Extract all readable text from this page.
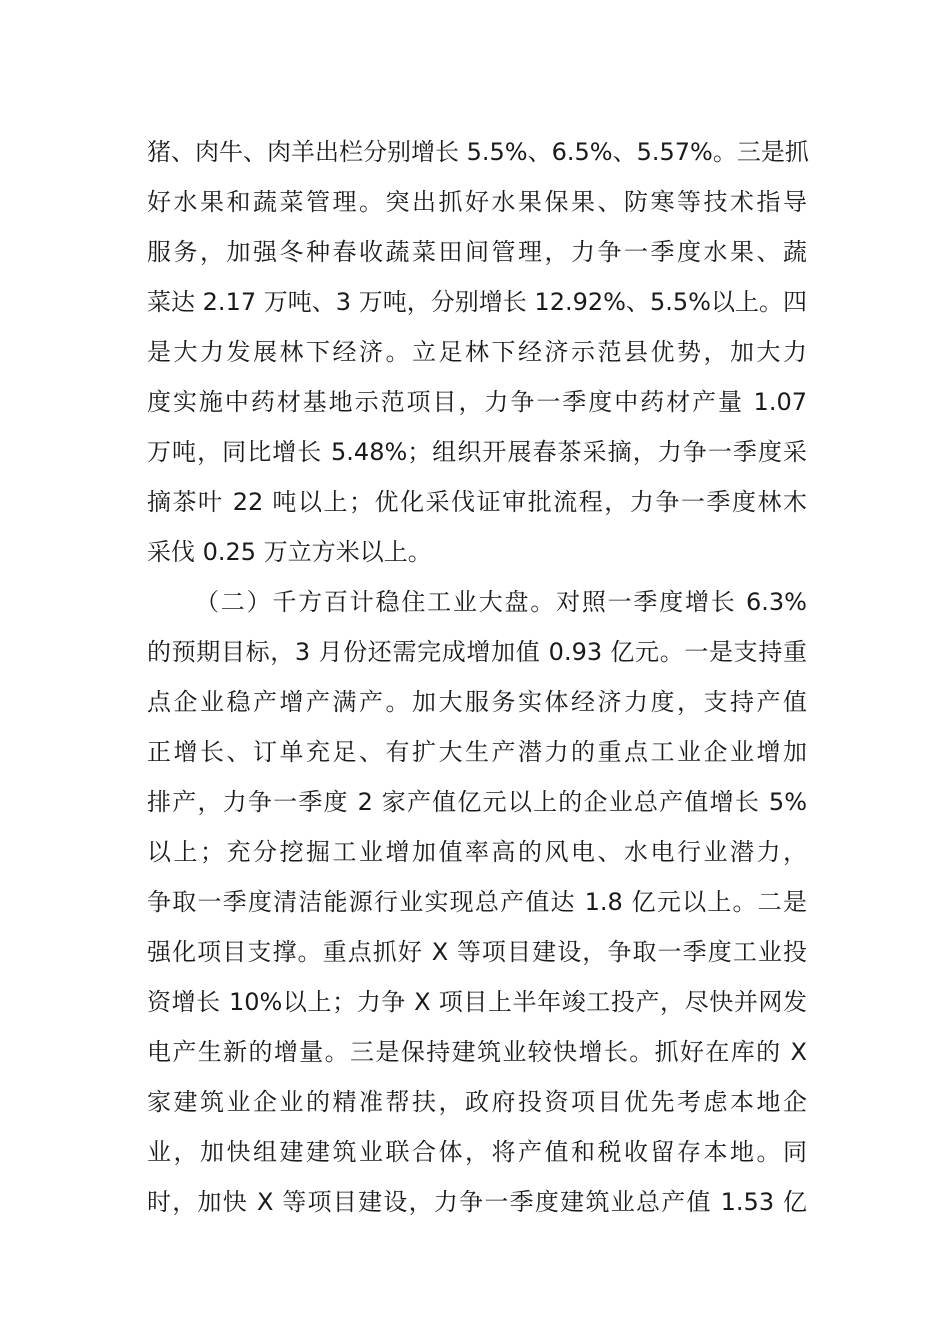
猪、肉牛、肉羊出栏分别增长 5.5%、6.5%、5.57%。三是抓
好水果和蔬菜管理。突出抓好水果保果、防寒等技术指导
服务，加强冬种春收蔬菜田间管理，力争一季度水果、蔬
菜达 2.17 万吨、3 万吨，分别增长 12.92%、5.5%以上。四
是大力发展林下经济。立足林下经济示范县优势，加大力
度实施中药材基地示范项目，力争一季度中药材产量 1.07
万吨，同比增长 5.48%；组织开展春茶采摘，力争一季度采
摘茶叶 22 吨以上；优化采伐证审批流程，力争一季度林木
采伐 0.25 万立方米以上。
（二）千方百计稳住工业大盘。对照一季度增长 6.3%
的预期目标，3 月份还需完成增加值 0.93 亿元。一是支持重
点企业稳产增产满产。加大服务实体经济力度，支持产值
正增长、订单充足、有扩大生产潜力的重点工业企业增加
排产，力争一季度 2 家产值亿元以上的企业总产值增长 5%
以上；充分挖掘工业增加值率高的风电、水电行业潜力，
争取一季度清洁能源行业实现总产值达 1.8 亿元以上。二是
强化项目支撑。重点抓好 X 等项目建设，争取一季度工业投
资增长 10%以上；力争 X 项目上半年竣工投产，尽快并网发
电产生新的增量。三是保持建筑业较快增长。抓好在库的 X
家建筑业企业的精准帮扶，政府投资项目优先考虑本地企
业，加快组建建筑业联合体，将产值和税收留存本地。同
时，加快 X 等项目建设，力争一季度建筑业总产值 1.53 亿
